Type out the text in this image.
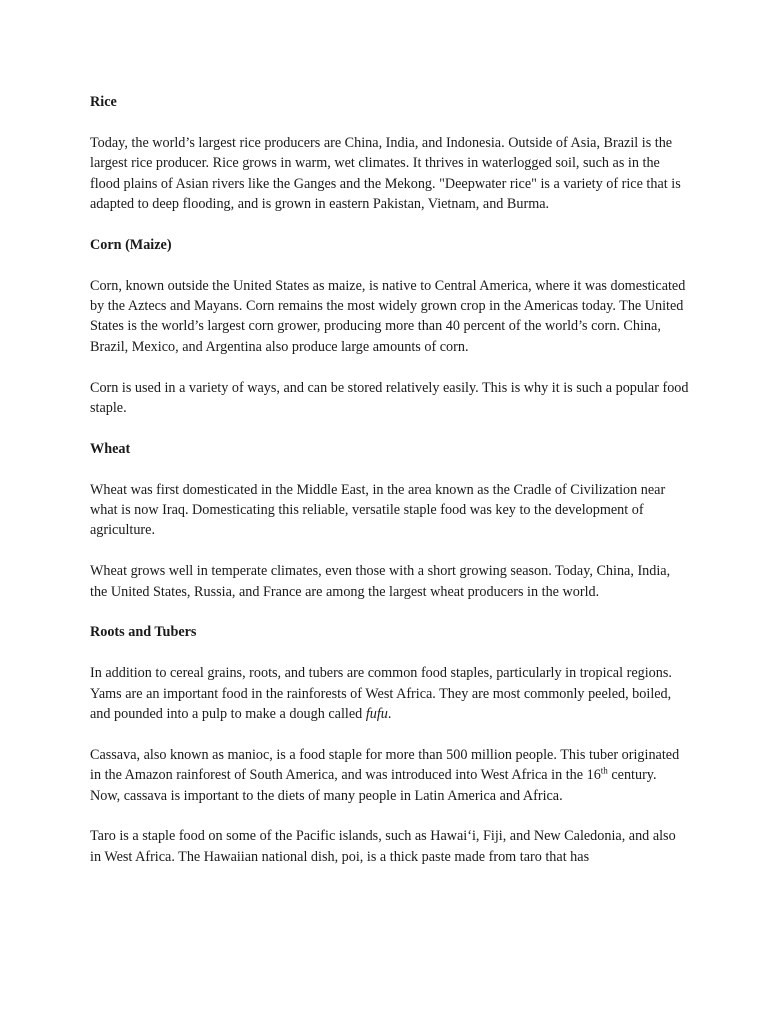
Rice

Today, the world’s largest rice producers are China, India, and Indonesia. Outside of Asia, Brazil is the largest rice producer. Rice grows in warm, wet climates. It thrives in waterlogged soil, such as in the flood plains of Asian rivers like the Ganges and the Mekong. "Deepwater rice" is a variety of rice that is adapted to deep flooding, and is grown in eastern Pakistan, Vietnam, and Burma.

Corn (Maize)

Corn, known outside the United States as maize, is native to Central America, where it was domesticated by the Aztecs and Mayans. Corn remains the most widely grown crop in the Americas today. The United States is the world’s largest corn grower, producing more than 40 percent of the world’s corn. China, Brazil, Mexico, and Argentina also produce large amounts of corn.

Corn is used in a variety of ways, and can be stored relatively easily. This is why it is such a popular food staple.

Wheat

Wheat was first domesticated in the Middle East, in the area known as the Cradle of Civilization near what is now Iraq. Domesticating this reliable, versatile staple food was key to the development of agriculture.

Wheat grows well in temperate climates, even those with a short growing season. Today, China, India, the United States, Russia, and France are among the largest wheat producers in the world.

Roots and Tubers

In addition to cereal grains, roots, and tubers are common food staples, particularly in tropical regions. Yams are an important food in the rainforests of West Africa. They are most commonly peeled, boiled, and pounded into a pulp to make a dough called fufu.

Cassava, also known as manioc, is a food staple for more than 500 million people. This tuber originated in the Amazon rainforest of South America, and was introduced into West Africa in the 16th century. Now, cassava is important to the diets of many people in Latin America and Africa.

Taro is a staple food on some of the Pacific islands, such as Hawai‘i, Fiji, and New Caledonia, and also in West Africa. The Hawaiian national dish, poi, is a thick paste made from taro that has
